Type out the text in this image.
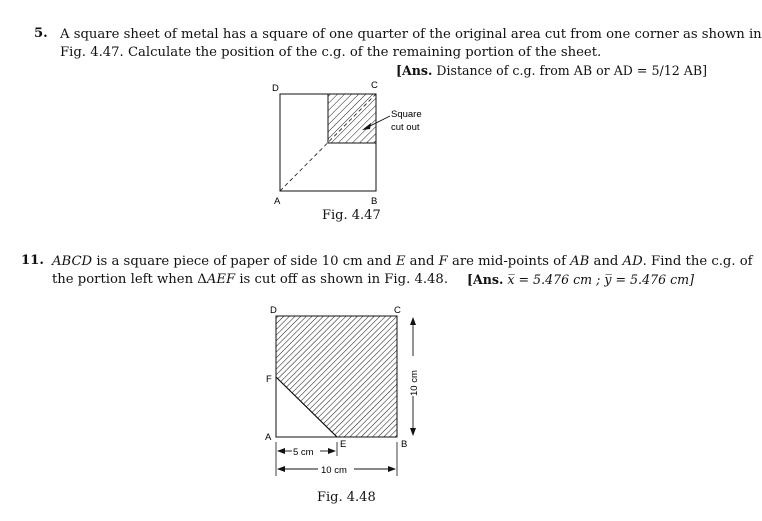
5. A square sheet of metal has a square of one quarter of the original area cut from one corner as shown in
Fig. 4.47. Calculate the position of the c.g. of the remaining portion of the sheet.
[Ans. Distance of c.g. from AB or AD = 5/12 AB]
D	C
A	B
Square
cut out
Fig. 4.47
11. ABCD is a square piece of paper of side 10 cm and E and F are mid-points of AB and AD. Find the c.g. of
the portion left when ΔAEF is cut off as shown in Fig. 4.48. [Ans. x̅ = 5.476 cm ; y̅ = 5.476 cm]
10 cm
5 cm
10 cm
D	C
F
A
E	B
Fig. 4.48
